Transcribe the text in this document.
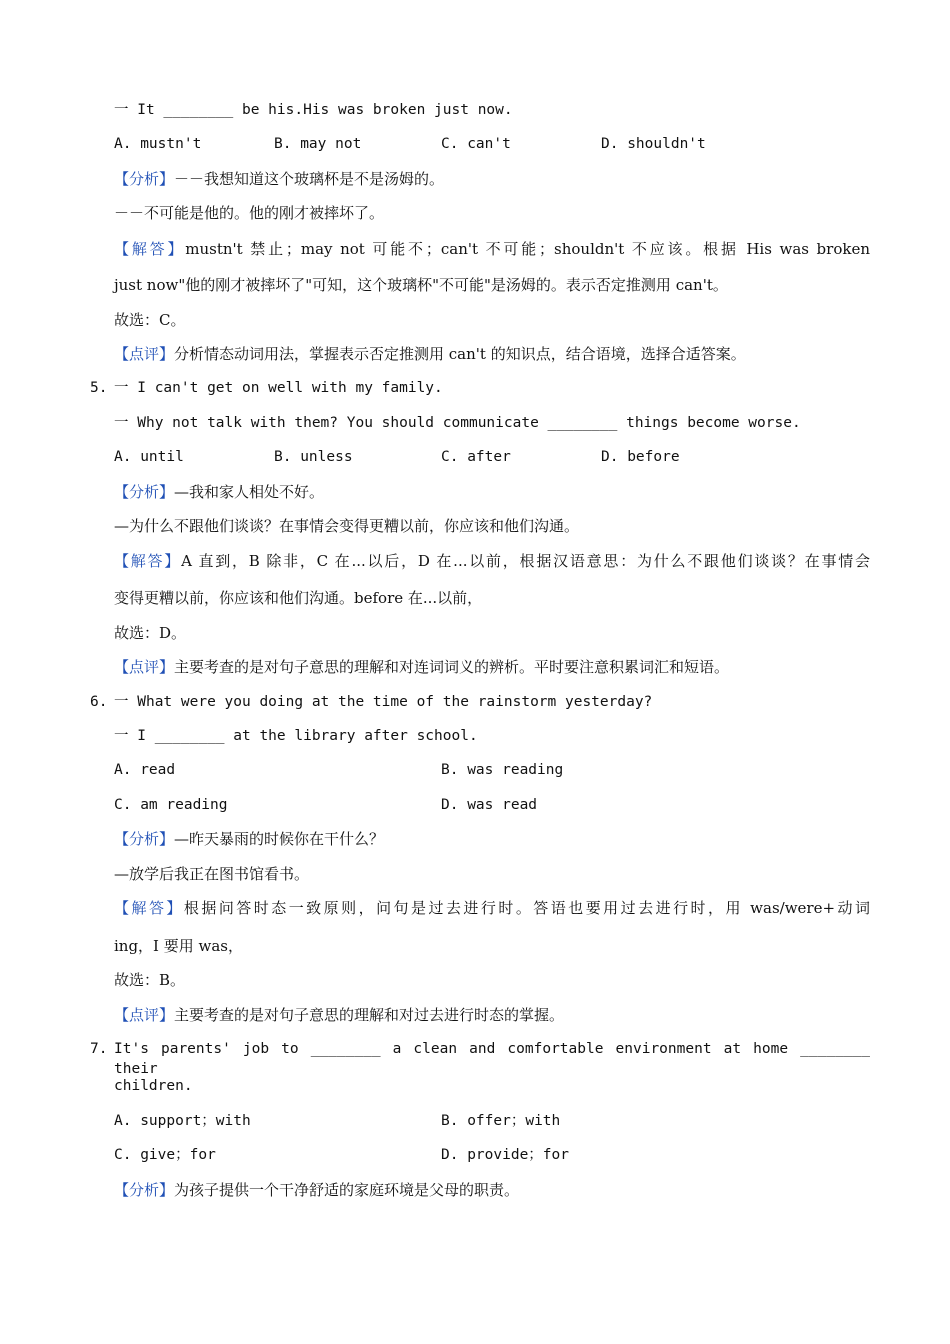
一 It ________ be his.His was broken just now.
A. mustn't	B. may not	C. can't	D. shouldn't
【分析】－－我想知道这个玻璃杯是不是汤姆的。
－－不可能是他的。他的刚才被摔坏了。
【解答】mustn't 禁止；may not 可能不；can't 不可能；shouldn't 不应该。根据 His was broken
just now"他的刚才被摔坏了"可知，这个玻璃杯"不可能"是汤姆的。表示否定推测用 can't。
故选：C。
【点评】分析情态动词用法，掌握表示否定推测用 can't 的知识点，结合语境，选择合适答案。
5. 一 I can't get on well with my family.
一 Why not talk with them? You should communicate ________ things become worse.
A. until	B. unless	C. after	D. before
【分析】—我和家人相处不好。
—为什么不跟他们谈谈？在事情会变得更糟以前，你应该和他们沟通。
【解答】A 直到，B 除非，C 在...以后，D 在...以前，根据汉语意思：为什么不跟他们谈谈？在事情会
变得更糟以前，你应该和他们沟通。before 在...以前，
故选：D。
【点评】主要考查的是对句子意思的理解和对连词词义的辨析。平时要注意积累词汇和短语。
6. 一 What were you doing at the time of the rainstorm yesterday?
一 I ________ at the library after school.
A. read	B. was reading
C. am reading	D. was read
【分析】—昨天暴雨的时候你在干什么？
—放学后我正在图书馆看书。
【解答】根据问答时态一致原则，问句是过去进行时。答语也要用过去进行时，用 was/were+动词
ing，I 要用 was，
故选：B。
【点评】主要考查的是对句子意思的理解和对过去进行时态的掌握。
7. It's parents' job to ________ a clean and comfortable environment at home ________ their
children.
A. support；with	B. offer；with
C. give；for	D. provide；for
【分析】为孩子提供一个干净舒适的家庭环境是父母的职责。
